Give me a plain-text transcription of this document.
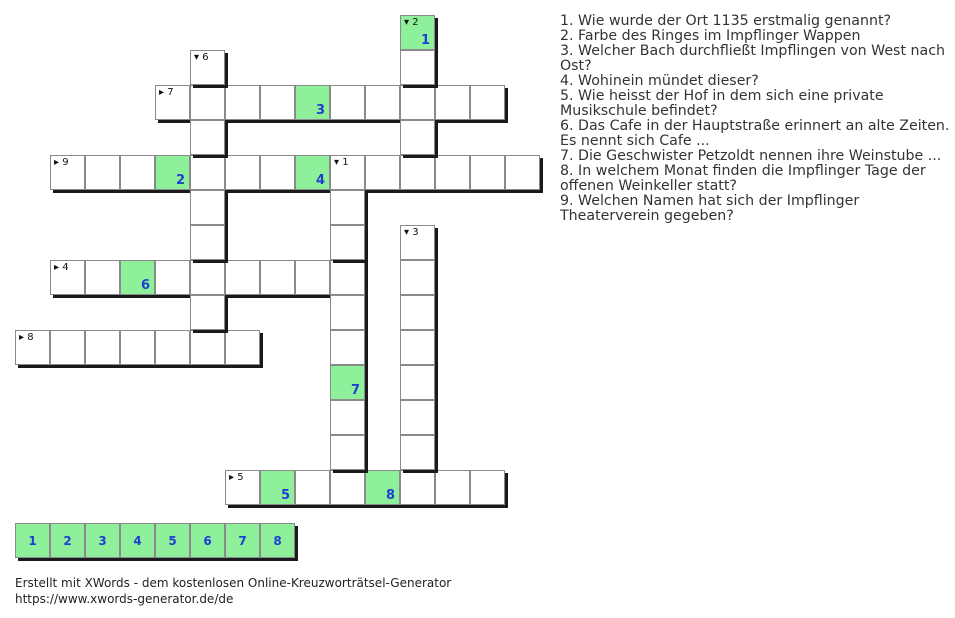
▸ 7
3
▸ 9
2	4
▾ 1
▸ 4
6
▸ 8
▸ 5
5	8
▾ 2
1
▾ 6
7
▾ 3
1	2	3	4	5	6	7	8
1. Wie wurde der Ort 1135 erstmalig genannt?
2. Farbe des Ringes im Impflinger Wappen
3. Welcher Bach durchfließt Impflingen von West nach Ost?
4. Wohinein mündet dieser?
5. Wie heisst der Hof in dem sich eine private Musikschule befindet?
6. Das Cafe in der Hauptstraße erinnert an alte Zeiten. Es nennt sich Cafe ...
7. Die Geschwister Petzoldt nennen ihre Weinstube ...
8. In welchem Monat finden die Impflinger Tage der offenen Weinkeller statt?
9. Welchen Namen hat sich der Impflinger Theaterverein gegeben?
Erstellt mit XWords - dem kostenlosen Online-Kreuzworträtsel-Generator
https://www.xwords-generator.de/de
